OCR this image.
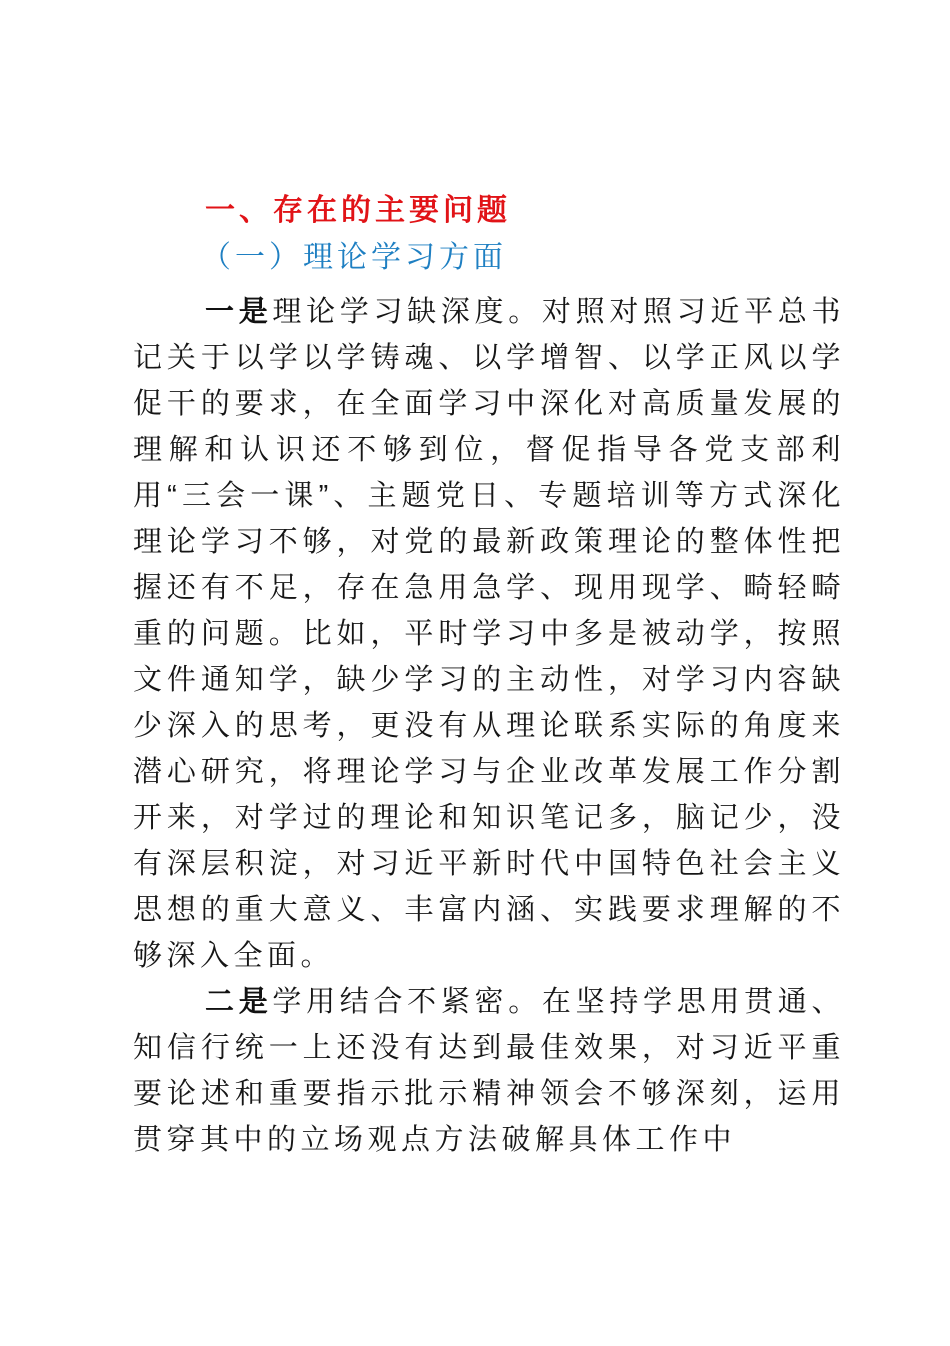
一、存在的主要问题
（一）理论学习方面

一是理论学习缺深度。对照对照习近平总书记关于以学以学铸魂、以学增智、以学正风以学促干的要求，在全面学习中深化对高质量发展的理解和认识还不够到位，督促指导各党支部利用“三会一课”、主题党日、专题培训等方式深化理论学习不够，对党的最新政策理论的整体性把握还有不足，存在急用急学、现用现学、畸轻畸重的问题。比如，平时学习中多是被动学，按照文件通知学，缺少学习的主动性，对学习内容缺少深入的思考，更没有从理论联系实际的角度来潜心研究，将理论学习与企业改革发展工作分割开来，对学过的理论和知识笔记多，脑记少，没有深层积淀，对习近平新时代中国特色社会主义思想的重大意义、丰富内涵、实践要求理解的不够深入全面。

二是学用结合不紧密。在坚持学思用贯通、知信行统一上还没有达到最佳效果，对习近平重要论述和重要指示批示精神领会不够深刻，运用贯穿其中的立场观点方法破解具体工作中
